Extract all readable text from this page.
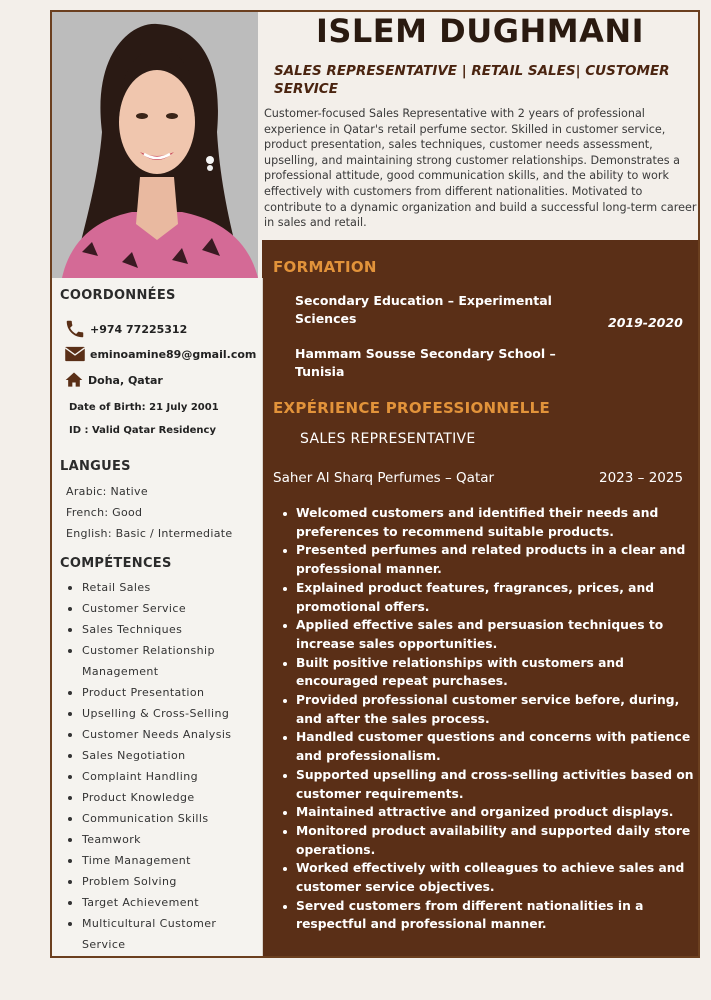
ISLEM DUGHMANI

SALES REPRESENTATIVE | RETAIL SALES| CUSTOMER SERVICE

Customer-focused Sales Representative with 2 years of professional experience in Qatar's retail perfume sector. Skilled in customer service, product presentation, sales techniques, customer needs assessment, upselling, and maintaining strong customer relationships. Demonstrates a professional attitude, good communication skills, and the ability to work effectively with customers from different nationalities. Motivated to contribute to a dynamic organization and build a successful long-term career in sales and retail.

COORDONNÉES
+974 77225312
eminoamine89@gmail.com
Doha, Qatar
Date of Birth: 21 July 2001
ID : Valid Qatar Residency
LANGUES
Arabic: Native
French: Good
English: Basic / Intermediate
COMPÉTENCES
Retail Sales
Customer Service
Sales Techniques
Customer Relationship Management
Product Presentation
Upselling & Cross-Selling
Customer Needs Analysis
Sales Negotiation
Complaint Handling
Product Knowledge
Communication Skills
Teamwork
Time Management
Problem Solving
Target Achievement
Multicultural Customer Service
FORMATION

Secondary Education – Experimental Sciences	2019-2020

Hammam Sousse Secondary School – Tunisia

EXPÉRIENCE PROFESSIONNELLE

SALES REPRESENTATIVE

Saher Al Sharq Perfumes – Qatar	2023 – 2025

Welcomed customers and identified their needs and preferences to recommend suitable products.
Presented perfumes and related products in a clear and professional manner.
Explained product features, fragrances, prices, and promotional offers.
Applied effective sales and persuasion techniques to increase sales opportunities.
Built positive relationships with customers and encouraged repeat purchases.
Provided professional customer service before, during, and after the sales process.
Handled customer questions and concerns with patience and professionalism.
Supported upselling and cross-selling activities based on customer requirements.
Maintained attractive and organized product displays.
Monitored product availability and supported daily store operations.
Worked effectively with colleagues to achieve sales and customer service objectives.
Served customers from different nationalities in a respectful and professional manner.
